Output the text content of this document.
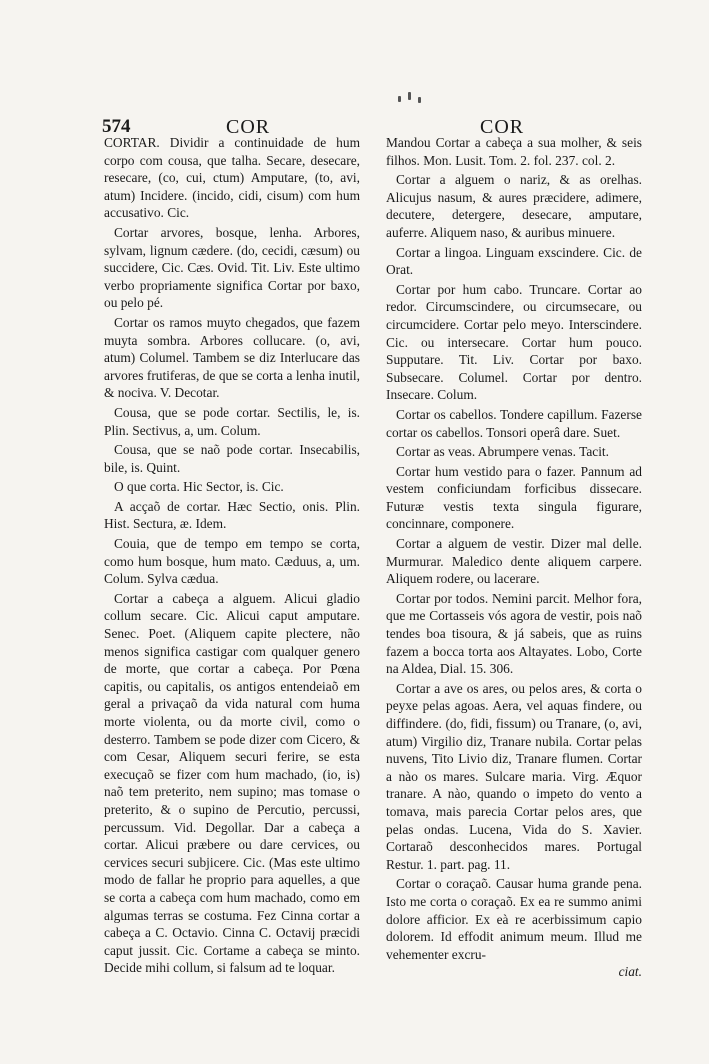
574	COR	COR

CORTAR. Dividir a continuidade de hum corpo com cousa, que talha. Secare, desecare, resecare, (co, cui, ctum) Amputare, (to, avi, atum) Incidere. (incido, cidi, cisum) com hum accusativo. Cic.

Cortar arvores, bosque, lenha. Arbores, sylvam, lignum cædere. (do, cecidi, cæsum) ou succidere, Cic. Cæs. Ovid. Tit. Liv. Este ultimo verbo propriamente significa Cortar por baxo, ou pelo pé.

Cortar os ramos muyto chegados, que fazem muyta sombra. Arbores collucare. (o, avi, atum) Columel. Tambem se diz Interlucare das arvores frutiferas, de que se corta a lenha inutil, & nociva. V. Decotar.

Cousa, que se pode cortar. Sectilis, le, is. Plin. Sectivus, a, um. Colum.

Cousa, que se naõ pode cortar. Insecabilis, bile, is. Quint.

O que corta. Hic Sector, is. Cic.

A acçaõ de cortar. Hæc Sectio, onis. Plin. Hist. Sectura, æ. Idem.

Couia, que de tempo em tempo se corta, como hum bosque, hum mato. Cæduus, a, um. Colum. Sylva cædua.

Cortar a cabeça a alguem. Alicui gladio collum secare. Cic. Alicui caput amputare. Senec. Poet. (Aliquem capite plectere, não menos significa castigar com qualquer genero de morte, que cortar a cabeça. Por Pœna capitis, ou capitalis, os antigos entendeiaõ em geral a privaçaõ da vida natural com huma morte violenta, ou da morte civil, como o desterro. Tambem se pode dizer com Cicero, & com Cesar, Aliquem securi ferire, se esta execuçaõ se fizer com hum machado, (io, is) naõ tem preterito, nem supino; mas tomase o preterito, & o supino de Percutio, percussi, percussum. Vid. Degollar. Dar a cabeça a cortar. Alicui præbere ou dare cervices, ou cervices securi subjicere. Cic. (Mas este ultimo modo de fallar he proprio para aquelles, a que se corta a cabeça com hum machado, como em algumas terras se costuma. Fez Cinna cortar a cabeça a C. Octavio. Cinna C. Octavij præcidi caput jussit. Cic. Cortame a cabeça se minto. Decide mihi collum, si falsum ad te loquar.

Mandou Cortar a cabeça a sua molher, & seis filhos. Mon. Lusit. Tom. 2. fol. 237. col. 2.

Cortar a alguem o nariz, & as orelhas. Alicujus nasum, & aures præcidere, adimere, decutere, detergere, desecare, amputare, auferre. Aliquem naso, & auribus minuere.

Cortar a lingoa. Linguam exscindere. Cic. de Orat.

Cortar por hum cabo. Truncare. Cortar ao redor. Circumscindere, ou circumsecare, ou circumcidere. Cortar pelo meyo. Interscindere. Cic. ou intersecare. Cortar hum pouco. Supputare. Tit. Liv. Cortar por baxo. Subsecare. Columel. Cortar por dentro. Insecare. Colum.

Cortar os cabellos. Tondere capillum. Fazerse cortar os cabellos. Tonsori operâ dare. Suet.

Cortar as veas. Abrumpere venas. Tacit.

Cortar hum vestido para o fazer. Pannum ad vestem conficiundam forficibus dissecare. Futuræ vestis texta singula figurare, concinnare, componere.

Cortar a alguem de vestir. Dizer mal delle. Murmurar. Maledico dente aliquem carpere. Aliquem rodere, ou lacerare.

Cortar por todos. Nemini parcit. Melhor fora, que me Cortasseis vós agora de vestir, pois naõ tendes boa tisoura, & já sabeis, que as ruins fazem a bocca torta aos Altayates. Lobo, Corte na Aldea, Dial. 15. 306.

Cortar a ave os ares, ou pelos ares, & corta o peyxe pelas agoas. Aera, vel aquas findere, ou diffindere. (do, fidi, fissum) ou Tranare, (o, avi, atum) Virgilio diz, Tranare nubila. Cortar pelas nuvens, Tito Livio diz, Tranare flumen. Cortar a nào os mares. Sulcare maria. Virg. Æquor tranare. A nào, quando o impeto do vento a tomava, mais parecia Cortar pelos ares, que pelas ondas. Lucena, Vida do S. Xavier. Cortaraõ desconhecidos mares. Portugal Restur. 1. part. pag. 11.

Cortar o coraçaõ. Causar huma grande pena. Isto me corta o coraçaõ. Ex ea re summo animi dolore afficior. Ex eà re acerbissimum capio dolorem. Id effodit animum meum. Illud me vehementer excru-

ciat.
